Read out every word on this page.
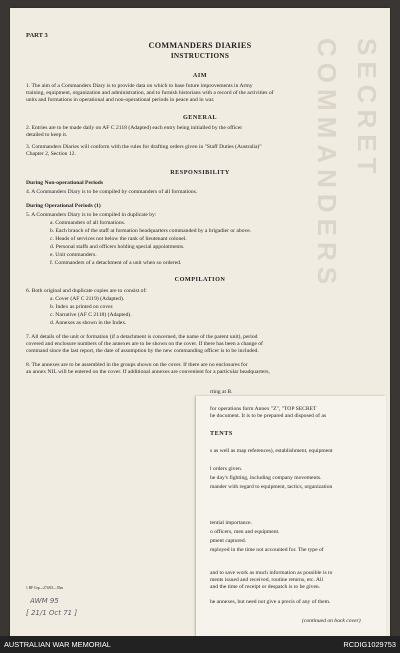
COMMANDERS SECRET
PART 3
COMMANDERS DIARIES
INSTRUCTIONS
AIM
1. The aim of a Commanders Diary is to provide data on which to base future improvements in Army
training, equipment, organization and administration, and to furnish historians with a record of the activities of
units and formations in operational and non-operational periods in peace and in war.
GENERAL
2. Entries are to be made daily on AF C 2118 (Adapted) each entry being initialled by the officer
detailed to keep it.
3. Commanders Diaries will conform with the rules for drafting orders given in "Staff Duties (Australia)"
Chapter 2, Section 12.
RESPONSIBILITY
During Non-operational Periods
4. A Commanders Diary is to be compiled by commanders of all formations.
During Operational Periods (1)
5. A Commanders Diary is to be compiled in duplicate by:
a. Commanders of all formations.
b. Each branch of the staff at formation headquarters commanded by a brigadier or above.
c. Heads of services not below the rank of lieutenant colonel.
d. Personal staffs and officers holding special appointments.
e. Unit commanders.
f. Commanders of a detachment of a unit when so ordered.
COMPILATION
6. Both original and duplicate copies are to consist of:
a. Cover (AF C 2119) (Adapted).
b. Index as printed on cover.
c. Narrative (AF C 2118) (Adapted).
d. Annexes as shown in the Index.
7. All details of the unit or formation (if a detachment is concerned, the name of the parent unit), period
covered and enclosure numbers of the annexes are to be shown on the cover. If there has been a change of
command since the last report, the date of assumption by the new commanding officer is to be included.
8. The annexes are to be assembled in the groups shown on the cover. If there are no enclosures for
an annex NIL will be entered on the cover. If additional annexes are convenient for a particular headquarters,
rting at B.
for operations form Annex "Z", "TOP SECRET
he document. It is to be prepared and disposed of as
TENTS
s as well as map references), establishment, equipment
l orders given.
he day's fighting, including company movements.
mander with regard to equipment, tactics, organization
tential importance.
o officers, men and equipment.
pment captured.
mployed in the time not accounted for. The type of
and to save work as much information as possible is to
ments issued and received, routine returns, etc. All
and the time of receipt or despatch is to be given.
he annexes, but need not give a precis of any of them.
(continued on back cover)
1 BF Grp—274/65—55m
AWM 95
[ 21/1 Oct 71 ]
AUSTRALIAN WAR MEMORIAL	RCDIG1029753
